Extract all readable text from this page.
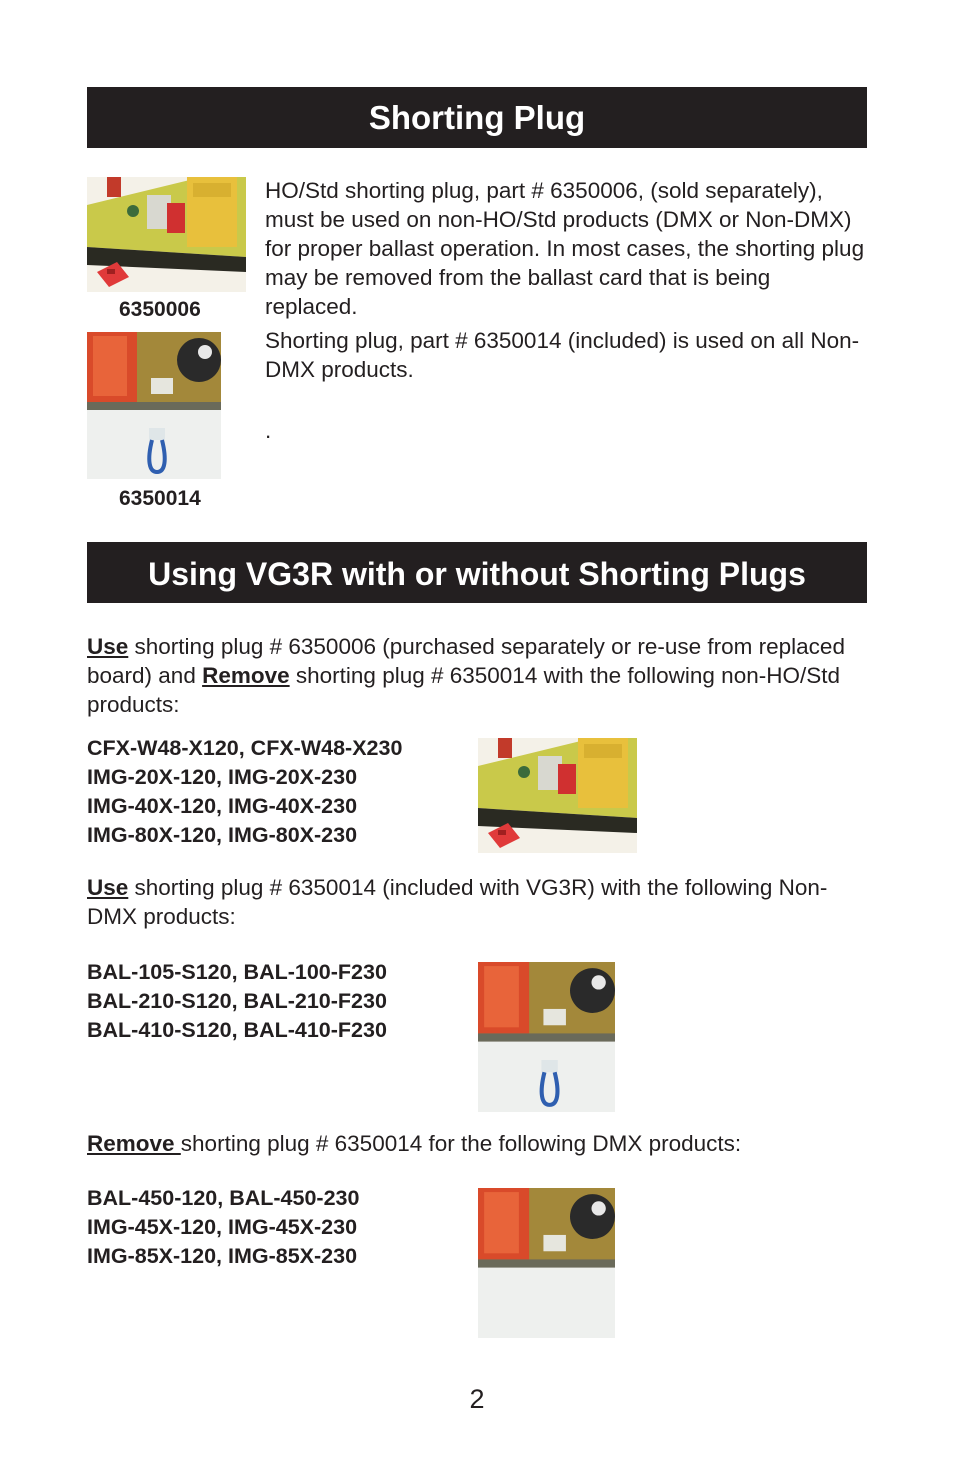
Shorting Plug
6350006
6350014
HO/Std shorting plug, part # 6350006, (sold separately), must be used on non-HO/Std products (DMX or Non-DMX) for proper ballast operation. In most cases, the shorting plug may be removed from the ballast card that is being replaced.
Shorting plug, part # 6350014 (included) is used on all Non-DMX products.
.
Using VG3R with or without Shorting Plugs
Use shorting plug # 6350006 (purchased separately or re-use from replaced board) and Remove shorting plug # 6350014 with the following non-HO/Std products:
CFX-W48-X120, CFX-W48-X230
IMG-20X-120, IMG-20X-230
IMG-40X-120, IMG-40X-230
IMG-80X-120, IMG-80X-230
Use shorting plug # 6350014 (included with VG3R) with the following Non-DMX products:
BAL-105-S120, BAL-100-F230
BAL-210-S120, BAL-210-F230
BAL-410-S120, BAL-410-F230
Remove shorting plug # 6350014 for the following DMX products:
BAL-450-120, BAL-450-230
IMG-45X-120, IMG-45X-230
IMG-85X-120, IMG-85X-230
2
